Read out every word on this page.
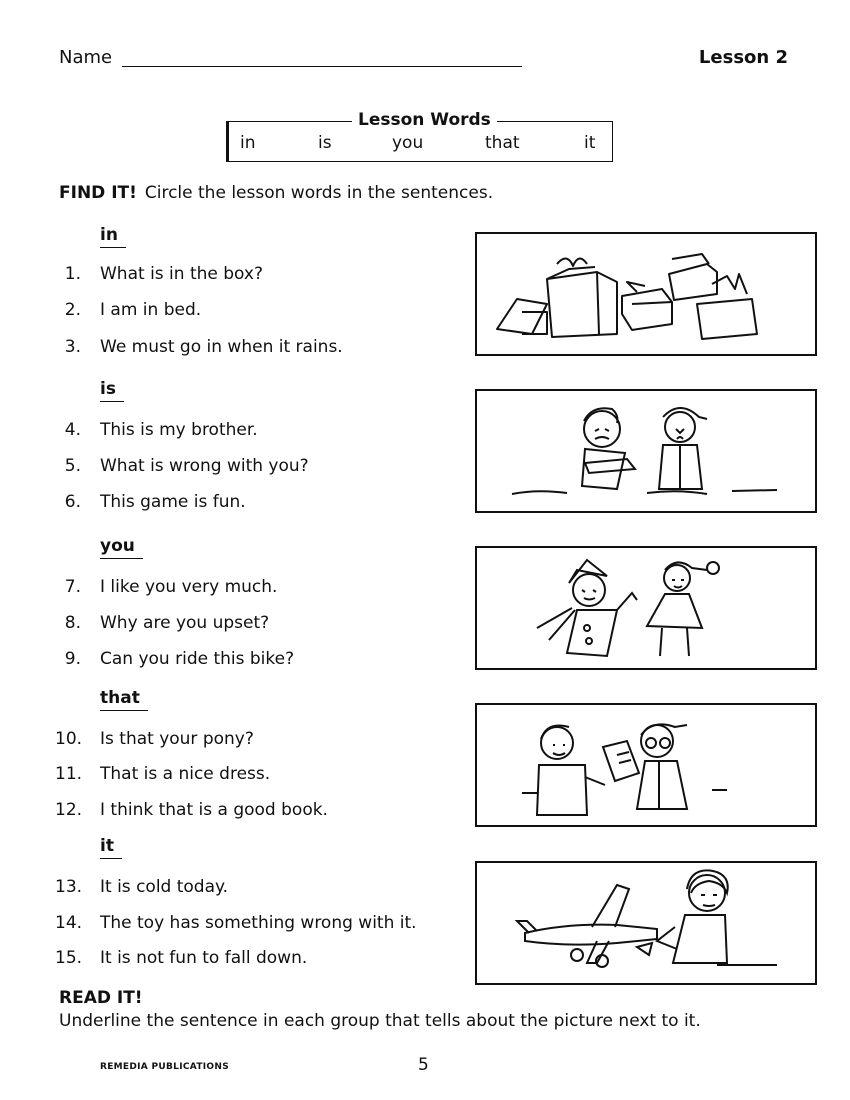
Name	Lesson 2
Lesson Words
in	is	you	that	it
FIND IT! Circle the lesson words in the sentences.
in
1. What is in the box?
2. I am in bed.
3. We must go in when it rains.
is
4. This is my brother.
5. What is wrong with you?
6. This game is fun.
you
7. I like you very much.
8. Why are you upset?
9. Can you ride this bike?
that
10. Is that your pony?
11. That is a nice dress.
12. I think that is a good book.
it
13. It is cold today.
14. The toy has something wrong with it.
15. It is not fun to fall down.
READ IT!
Underline the sentence in each group that tells about the picture next to it.
REMEDIA PUBLICATIONS	5
